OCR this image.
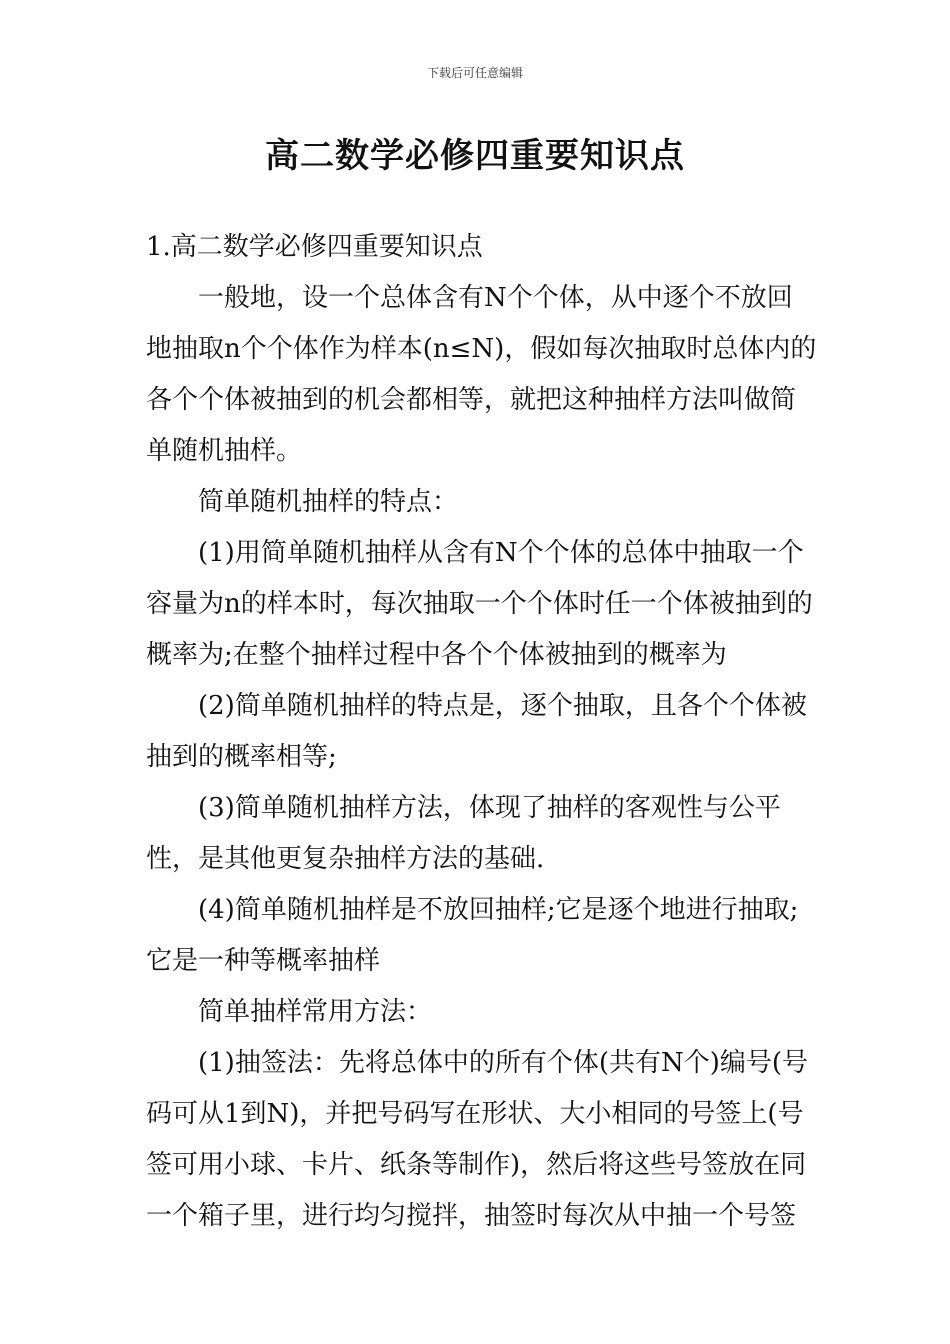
下载后可任意编辑
高二数学必修四重要知识点

1.高二数学必修四重要知识点

一般地，设一个总体含有N个个体，从中逐个不放回地抽取n个个体作为样本(n≤N)，假如每次抽取时总体内的各个个体被抽到的机会都相等，就把这种抽样方法叫做简单随机抽样。

简单随机抽样的特点：

(1)用简单随机抽样从含有N个个体的总体中抽取一个容量为n的样本时，每次抽取一个个体时任一个体被抽到的概率为;在整个抽样过程中各个个体被抽到的概率为

(2)简单随机抽样的特点是，逐个抽取，且各个个体被抽到的概率相等;

(3)简单随机抽样方法，体现了抽样的客观性与公平性，是其他更复杂抽样方法的基础.

(4)简单随机抽样是不放回抽样;它是逐个地进行抽取;它是一种等概率抽样

简单抽样常用方法：

(1)抽签法：先将总体中的所有个体(共有N个)编号(号码可从1到N)，并把号码写在形状、大小相同的号签上(号签可用小球、卡片、纸条等制作)，然后将这些号签放在同一个箱子里，进行均匀搅拌，抽签时每次从中抽一个号签
